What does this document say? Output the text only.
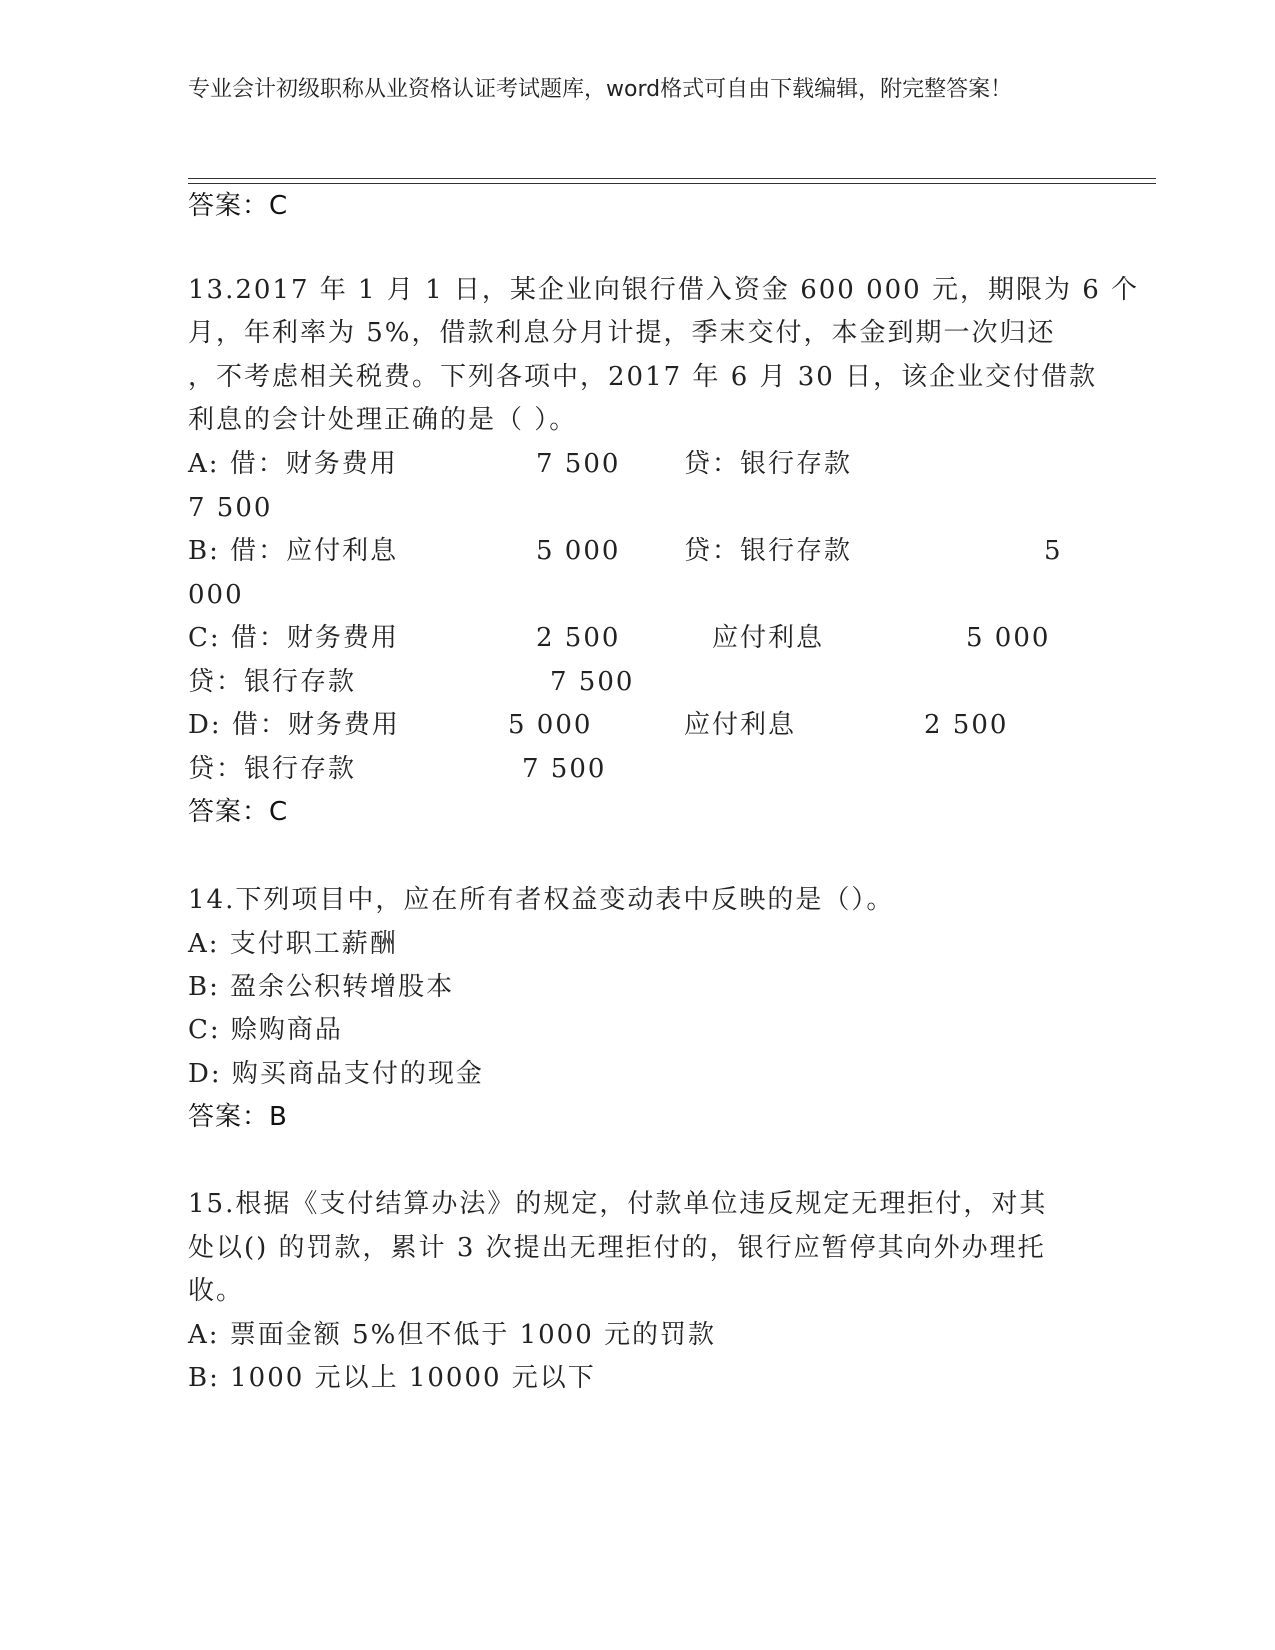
专业会计初级职称从业资格认证考试题库，word格式可自由下载编辑，附完整答案！
答案：C
13.2017 年 1 月 1 日，某企业向银行借入资金 600 000 元，期限为 6 个
月，年利率为 5%，借款利息分月计提，季末交付，本金到期一次归还
，不考虑相关税费。下列各项中，2017 年 6 月 30 日，该企业交付借款
利息的会计处理正确的是（ ）。
A: 借：财务费用	7 500 贷：银行存款
7 500
B: 借：应付利息	5 000 贷：银行存款	5
000
C: 借：财务费用	2 500	应付利息	5 000
贷：银行存款	7 500
D: 借：财务费用	5 000	应付利息	2 500
贷：银行存款	7 500
答案：C
14.下列项目中，应在所有者权益变动表中反映的是（）。
A: 支付职工薪酬
B: 盈余公积转增股本
C: 赊购商品
D: 购买商品支付的现金
答案：B
15.根据《支付结算办法》的规定，付款单位违反规定无理拒付，对其
处以() 的罚款，累计 3 次提出无理拒付的，银行应暂停其向外办理托
收。
A: 票面金额 5%但不低于 1000 元的罚款
B: 1000 元以上 10000 元以下
